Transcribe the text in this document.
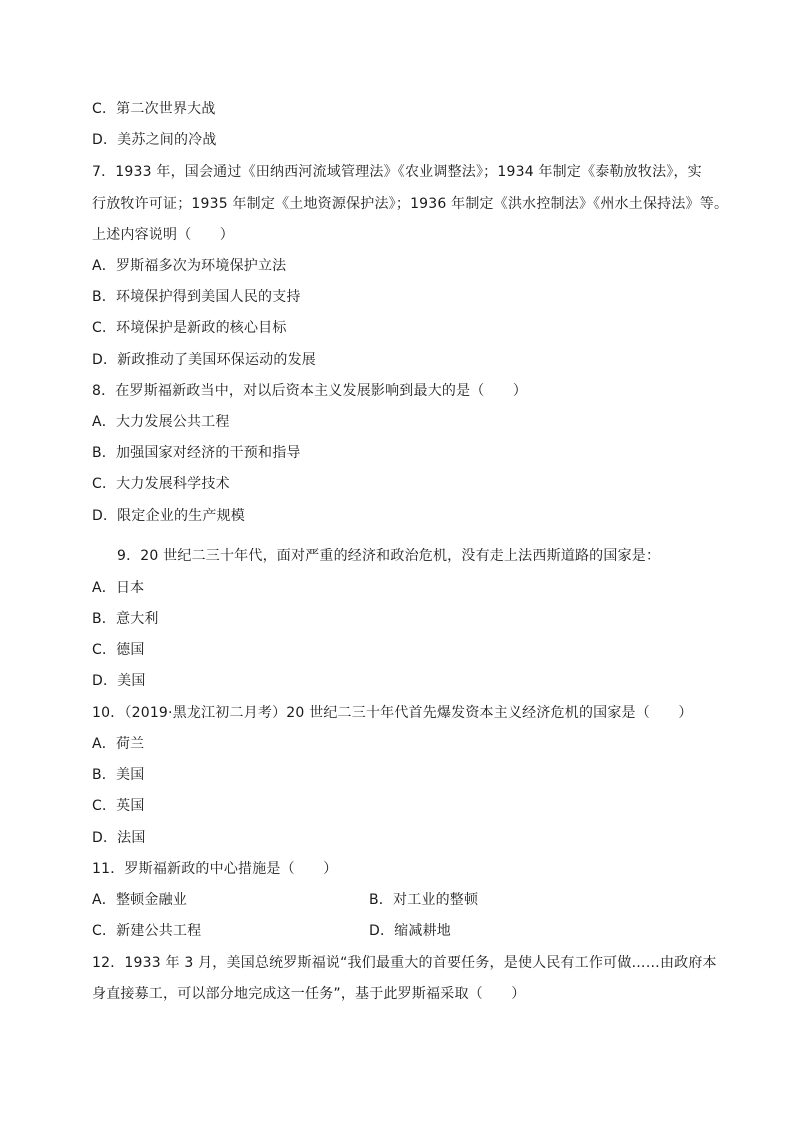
C．第二次世界大战
D．美苏之间的冷战
7．1933 年，国会通过《田纳西河流域管理法》《农业调整法》；1934 年制定《泰勒放牧法》，实
行放牧许可证；1935 年制定《土地资源保护法》；1936 年制定《洪水控制法》《州水土保持法》等。
上述内容说明（　　）
A．罗斯福多次为环境保护立法
B．环境保护得到美国人民的支持
C．环境保护是新政的核心目标
D．新政推动了美国环保运动的发展
8．在罗斯福新政当中，对以后资本主义发展影响到最大的是（　　）
A．大力发展公共工程
B．加强国家对经济的干预和指导
C．大力发展科学技术
D．限定企业的生产规模
9．20 世纪二三十年代，面对严重的经济和政治危机，没有走上法西斯道路的国家是：
A．日本
B．意大利
C．德国
D．美国
10．（2019·黑龙江初二月考）20 世纪二三十年代首先爆发资本主义经济危机的国家是（　　）
A．荷兰
B．美国
C．英国
D．法国
11．罗斯福新政的中心措施是（　　）
A．整顿金融业	B．对工业的整顿
C．新建公共工程	D．缩减耕地
12．1933 年 3 月，美国总统罗斯福说“我们最重大的首要任务，是使人民有工作可做……由政府本
身直接募工，可以部分地完成这一任务”，基于此罗斯福采取（　　）
